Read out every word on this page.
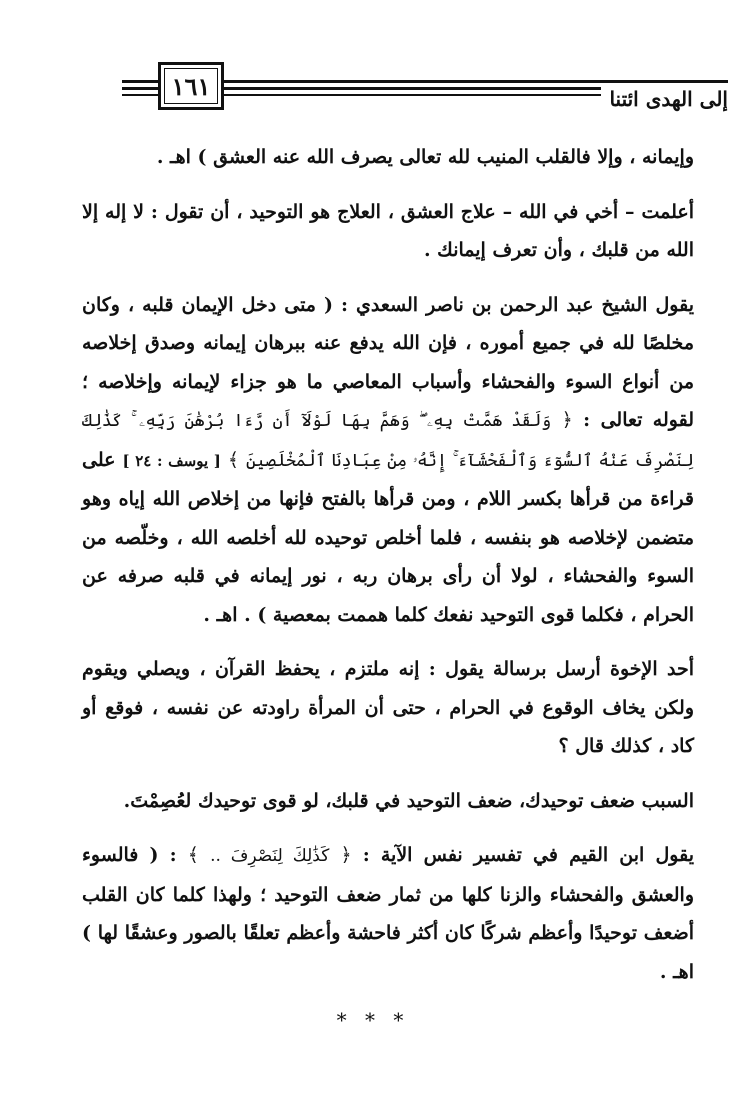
١٦١	إلى الهدى ائتنا

وإيمانه ، وإلا فالقلب المنيب لله تعالى يصرف الله عنه العشق ) اهـ .

أعلمت – أخي في الله – علاج العشق ، العلاج هو التوحيد ، أن تقول : لا إله إلا الله من قلبك ، وأن تعرف إيمانك .

يقول الشيخ عبد الرحمن بن ناصر السعدي : ( متى دخل الإيمان قلبه ، وكان مخلصًا لله في جميع أموره ، فإن الله يدفع عنه ببرهان إيمانه وصدق إخلاصه من أنواع السوء والفحشاء وأسباب المعاصي ما هو جزاء لإيمانه وإخلاصه ؛ لقوله تعالى : ﴿ وَلَقَدْ هَمَّتْ بِهِۦ ۖ وَهَمَّ بِهَا لَوْلَآ أَن رَّءَا بُرْهَٰنَ رَبِّهِۦ ۚ كَذَٰلِكَ لِنَصْرِفَ عَنْهُ ٱلسُّوٓءَ وَٱلْفَحْشَآءَ ۚ إِنَّهُۥ مِنْ عِبَادِنَا ٱلْمُخْلَصِينَ ﴾ [ يوسف : ٢٤ ] على قراءة من قرأها بكسر اللام ، ومن قرأها بالفتح فإنها من إخلاص الله إياه وهو متضمن لإخلاصه هو بنفسه ، فلما أخلص توحيده لله أخلصه الله ، وخلّصه من السوء والفحشاء ، لولا أن رأى برهان ربه ، نور إيمانه في قلبه صرفه عن الحرام ، فكلما قوى التوحيد نفعك كلما هممت بمعصية ) . اهـ .

أحد الإخوة أرسل برسالة يقول : إنه ملتزم ، يحفظ القرآن ، ويصلي ويقوم ولكن يخاف الوقوع في الحرام ، حتى أن المرأة راودته عن نفسه ، فوقع أو كاد ، كذلك قال ؟

السبب ضعف توحيدك، ضعف التوحيد في قلبك، لو قوى توحيدك لعُصِمْتَ.

يقول ابن القيم في تفسير نفس الآية : ﴿ كَذَٰلِكَ لِنَصْرِفَ .. ﴾ : ( فالسوء والعشق والفحشاء والزنا كلها من ثمار ضعف التوحيد ؛ ولهذا كلما كان القلب أضعف توحيدًا وأعظم شركًا كان أكثر فاحشة وأعظم تعلقًا بالصور وعشقًا لها ) اهـ .

* * *
